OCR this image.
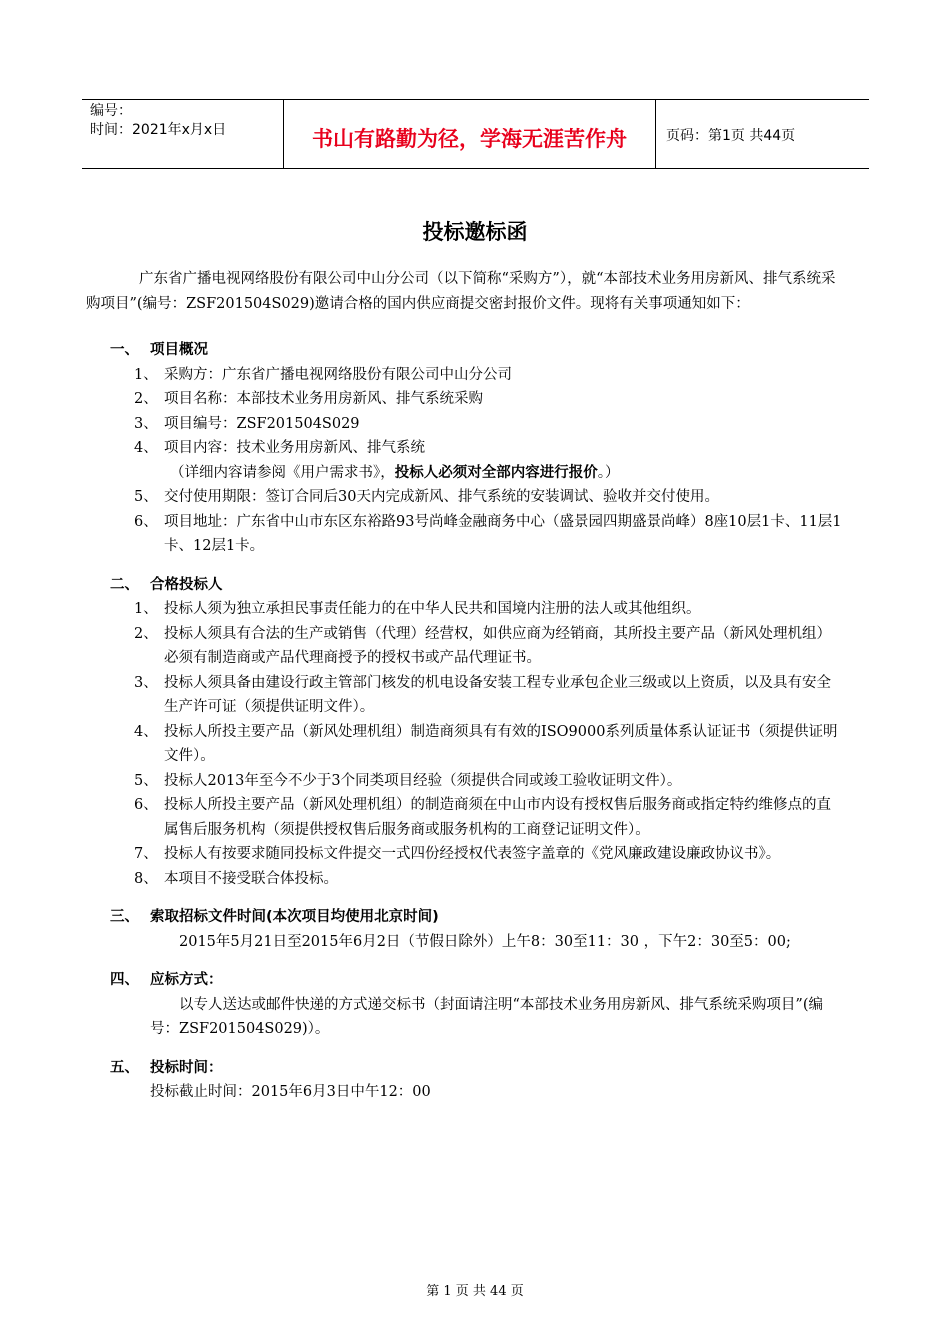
编号：
时间：2021年x月x日	书山有路勤为径，学海无涯苦作舟	页码：第1页 共44页
投标邀标函

广东省广播电视网络股份有限公司中山分公司（以下简称“采购方”），就“本部技术业务用房新风、排气系统采购项目”(编号：ZSF201504S029)邀请合格的国内供应商提交密封报价文件。现将有关事项通知如下：

一、 项目概况
1、 采购方：广东省广播电视网络股份有限公司中山分公司
2、 项目名称：本部技术业务用房新风、排气系统采购
3、 项目编号：ZSF201504S029
4、 项目内容：技术业务用房新风、排气系统
（详细内容请参阅《用户需求书》，投标人必须对全部内容进行报价。）
5、 交付使用期限：签订合同后30天内完成新风、排气系统的安装调试、验收并交付使用。
6、 项目地址：广东省中山市东区东裕路93号尚峰金融商务中心（盛景园四期盛景尚峰）8座10层1卡、11层1卡、12层1卡。
二、 合格投标人
1、 投标人须为独立承担民事责任能力的在中华人民共和国境内注册的法人或其他组织。
2、 投标人须具有合法的生产或销售（代理）经营权，如供应商为经销商，其所投主要产品（新风处理机组）必须有制造商或产品代理商授予的授权书或产品代理证书。
3、 投标人须具备由建设行政主管部门核发的机电设备安装工程专业承包企业三级或以上资质，以及具有安全生产许可证（须提供证明文件）。
4、 投标人所投主要产品（新风处理机组）制造商须具有有效的ISO9000系列质量体系认证证书（须提供证明文件）。
5、 投标人2013年至今不少于3个同类项目经验（须提供合同或竣工验收证明文件）。
6、 投标人所投主要产品（新风处理机组）的制造商须在中山市内设有授权售后服务商或指定特约维修点的直属售后服务机构（须提供授权售后服务商或服务机构的工商登记证明文件）。
7、 投标人有按要求随同投标文件提交一式四份经授权代表签字盖章的《党风廉政建设廉政协议书》。
8、 本项目不接受联合体投标。
三、 索取招标文件时间(本次项目均使用北京时间)

2015年5月21日至2015年6月2日（节假日除外）上午8：30至11：30 ，下午2：30至5：00;

四、 应标方式：

以专人送达或邮件快递的方式递交标书（封面请注明“本部技术业务用房新风、排气系统采购项目”(编号：ZSF201504S029)）。

五、 投标时间：

投标截止时间：2015年6月3日中午12：00

第 1 页 共 44 页
